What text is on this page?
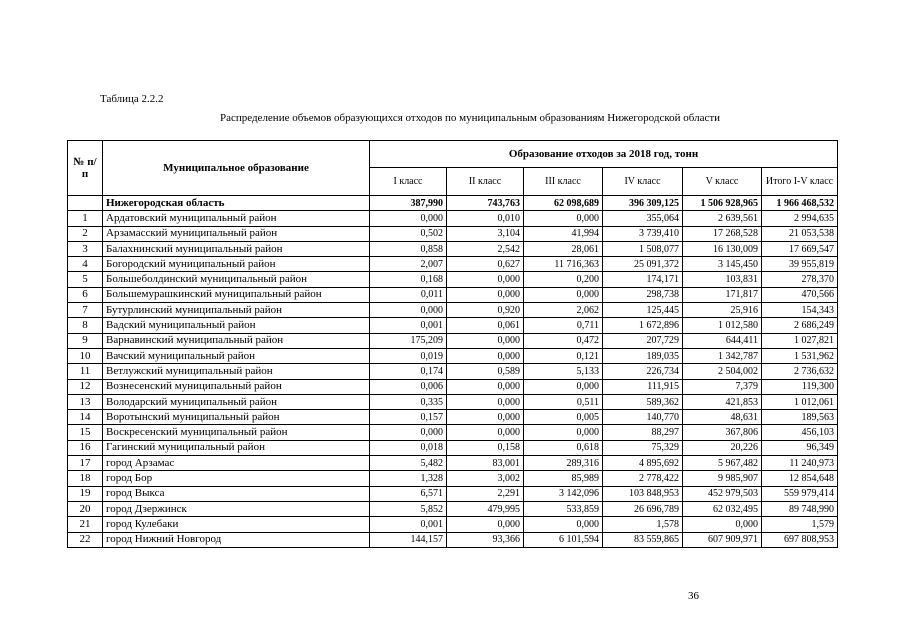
Таблица 2.2.2
Распределение объемов образующихся отходов по муниципальным образованиям Нижегородской области
№ п/п	Муниципальное образование	Образование отходов за 2018 год, тонн					
		I класс	II класс	III класс	IV класс	V класс	Итого I-V класс
	Нижегородская область	387,990	743,763	62 098,689	396 309,125	1 506 928,965	1 966 468,532
1	Ардатовский муниципальный район	0,000	0,010	0,000	355,064	2 639,561	2 994,635
2	Арзамасский муниципальный район	0,502	3,104	41,994	3 739,410	17 268,528	21 053,538
3	Балахнинский муниципальный район	0,858	2,542	28,061	1 508,077	16 130,009	17 669,547
4	Богородский муниципальный район	2,007	0,627	11 716,363	25 091,372	3 145,450	39 955,819
5	Большеболдинский муниципальный район	0,168	0,000	0,200	174,171	103,831	278,370
6	Большемурашкинский муниципальный район	0,011	0,000	0,000	298,738	171,817	470,566
7	Бутурлинский муниципальный район	0,000	0,920	2,062	125,445	25,916	154,343
8	Вадский муниципальный район	0,001	0,061	0,711	1 672,896	1 012,580	2 686,249
9	Варнавинский муниципальный район	175,209	0,000	0,472	207,729	644,411	1 027,821
10	Вачский муниципальный район	0,019	0,000	0,121	189,035	1 342,787	1 531,962
11	Ветлужский муниципальный район	0,174	0,589	5,133	226,734	2 504,002	2 736,632
12	Вознесенский муниципальный район	0,006	0,000	0,000	111,915	7,379	119,300
13	Володарский муниципальный район	0,335	0,000	0,511	589,362	421,853	1 012,061
14	Воротынский муниципальный район	0,157	0,000	0,005	140,770	48,631	189,563
15	Воскресенский муниципальный район	0,000	0,000	0,000	88,297	367,806	456,103
16	Гагинский муниципальный район	0,018	0,158	0,618	75,329	20,226	96,349
17	город Арзамас	5,482	83,001	289,316	4 895,692	5 967,482	11 240,973
18	город Бор	1,328	3,002	85,989	2 778,422	9 985,907	12 854,648
19	город Выкса	6,571	2,291	3 142,096	103 848,953	452 979,503	559 979,414
20	город Дзержинск	5,852	479,995	533,859	26 696,789	62 032,495	89 748,990
21	город Кулебаки	0,001	0,000	0,000	1,578	0,000	1,579
22	город Нижний Новгород	144,157	93,366	6 101,594	83 559,865	607 909,971	697 808,953
36
